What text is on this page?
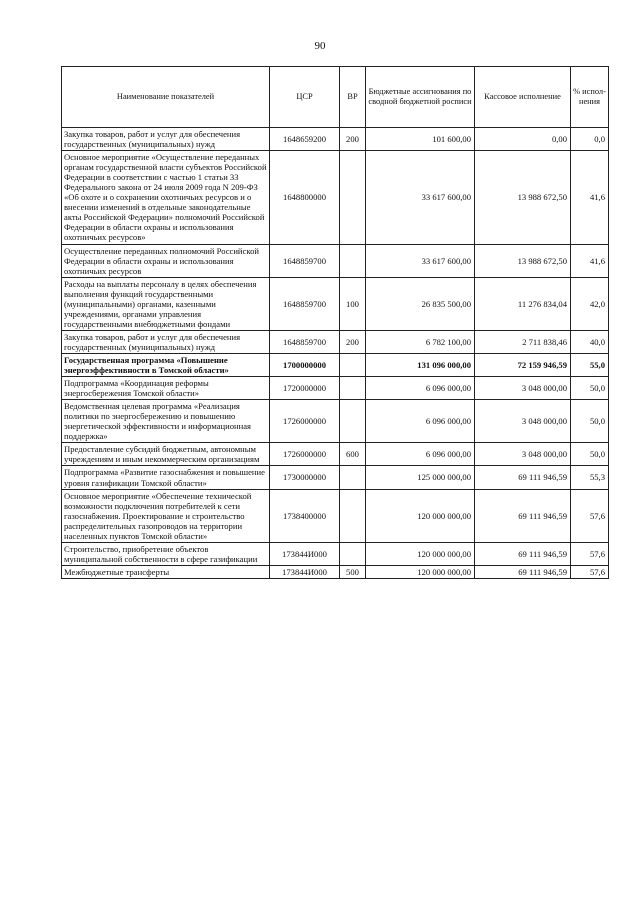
90
Наименование показателей	ЦСР	ВР	Бюджетные ассигнования по сводной бюджетной росписи	Кассовое исполнение	% испол-нения
Закупка товаров, работ и услуг для обеспечения государственных (муниципальных) нужд	1648659200	200	101 600,00	0,00	0,0
Основное мероприятие «Осуществление переданных органам государственной власти субъектов Российской Федерации в соответствии с частью 1 статьи 33 Федерального закона от 24 июля 2009 года N 209-ФЗ «Об охоте и о сохранении охотничьих ресурсов и о внесении изменений в отдельные законодательные акты Российской Федерации» полномочий Российской Федерации в области охраны и использования охотничьих ресурсов»	1648800000		33 617 600,00	13 988 672,50	41,6
Осуществление переданных полномочий Российской Федерации в области охраны и использования охотничьих ресурсов	1648859700		33 617 600,00	13 988 672,50	41,6
Расходы на выплаты персоналу в целях обеспечения выполнения функций государственными (муниципальными) органами, казенными учреждениями, органами управления государственными внебюджетными фондами	1648859700	100	26 835 500,00	11 276 834,04	42,0
Закупка товаров, работ и услуг для обеспечения государственных (муниципальных) нужд	1648859700	200	6 782 100,00	2 711 838,46	40,0
Государственная программа «Повышение энергоэффективности в Томской области»	1700000000		131 096 000,00	72 159 946,59	55,0
Подпрограмма «Координация реформы энергосбережения Томской области»	1720000000		6 096 000,00	3 048 000,00	50,0
Ведомственная целевая программа «Реализация политики по энергосбережению и повышению энергетической эффективности и информационная поддержка»	1726000000		6 096 000,00	3 048 000,00	50,0
Предоставление субсидий бюджетным, автономным учреждениям и иным некоммерческим организациям	1726000000	600	6 096 000,00	3 048 000,00	50,0
Подпрограмма «Развитие газоснабжения и повышение уровня газификации Томской области»	1730000000		125 000 000,00	69 111 946,59	55,3
Основное мероприятие «Обеспечение технической возможности подключения потребителей к сети газоснабжения. Проектирование и строительство распределительных газопроводов на территории населенных пунктов Томской области»	1738400000		120 000 000,00	69 111 946,59	57,6
Строительство, приобретение объектов муниципальной собственности в сфере газификации	173844И000		120 000 000,00	69 111 946,59	57,6
Межбюджетные трансферты	173844И000	500	120 000 000,00	69 111 946,59	57,6
